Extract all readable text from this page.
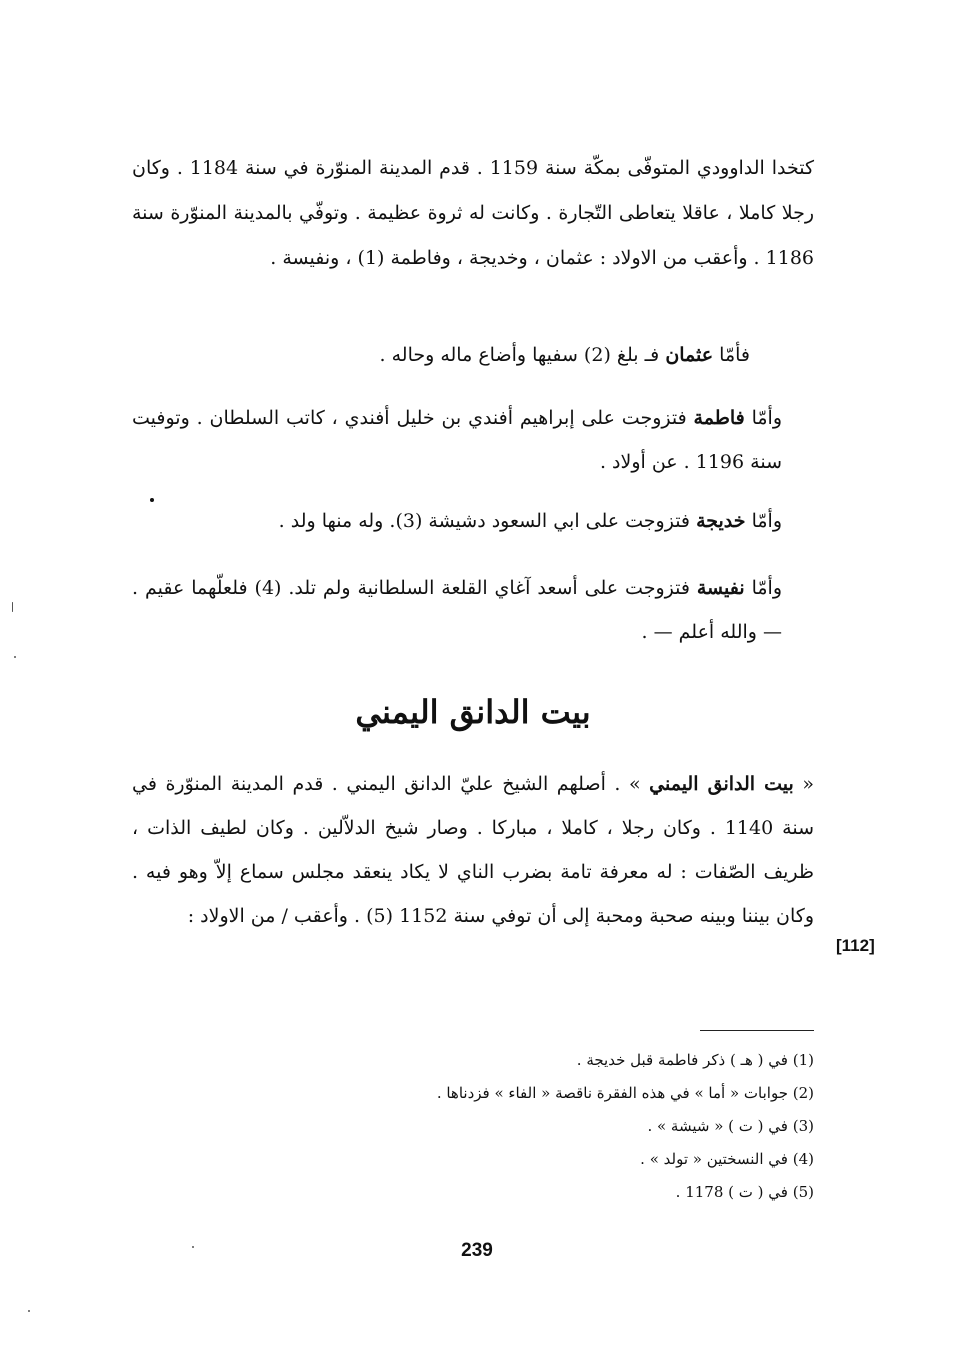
كتخدا الداوودي المتوفّى بمكّة سنة 1159 . قدم المدينة المنوّرة في سنة 1184 . وكان رجلا كاملا ، عاقلا يتعاطى التّجارة . وكانت له ثروة عظيمة . وتوفّي بالمدينة المنوّرة سنة 1186 . وأعقب من الاولاد : عثمان ، وخديجة ، وفاطمة (1) ، ونفيسة .
فأمّا عثمان فـ بلغ (2) سفيها وأضاع ماله وحاله .
وأمّا فاطمة فتزوجت على إبراهيم أفندي بن خليل أفندي ، كاتب السلطان . وتوفيت سنة 1196 . عن أولاد .
وأمّا خديجة فتزوجت على ابي السعود دشيشة (3). وله منها ولد .
وأمّا نفيسة فتزوجت على أسعد آغاي القلعة السلطانية ولم تلد. (4) فلعلّهما عقيم . — والله أعلم — .
بيت الدانق اليمني
« بيت الدانق اليمني » . أصلهم الشيخ عليّ الدانق اليمني . قدم المدينة المنوّرة في سنة 1140 . وكان رجلا ، كاملا ، مباركا . وصار شيخ الدلاّلين . وكان لطيف الذات ، ظريف الصّفات : له معرفة تامة بضرب الناي لا يكاد ينعقد مجلس سماع إلاّ وهو فيه . وكان بيننا وبينه صحبة ومحبة إلى أن توفي سنة 1152 (5) . وأعقب / من الاولاد :
[112]
(1) في ( هـ ) ذكر فاطمة قبل خديجة .
(2) جوابات « أما » في هذه الفقرة ناقصة « الفاء » فزدناها .
(3) في ( ت ) « شيشة » .
(4) في النسختين « تولد » .
(5) في ( ت ) 1178 .
239
